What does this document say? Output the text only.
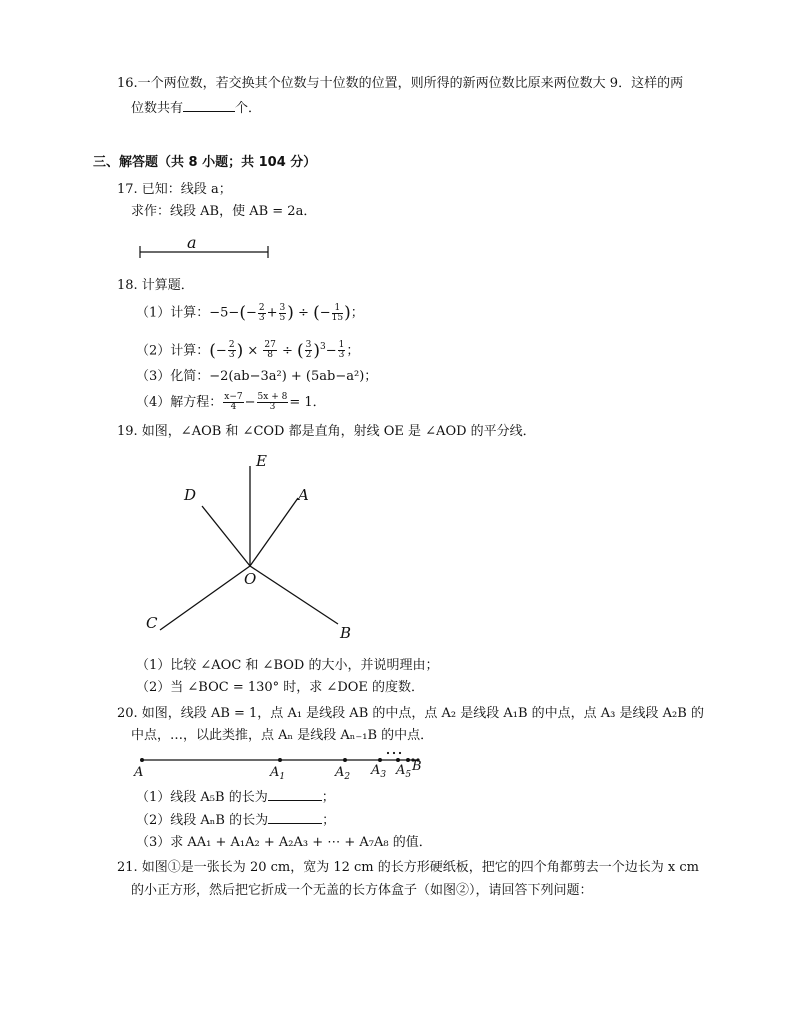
16.一个两位数，若交换其个位数与十位数的位置，则所得的新两位数比原来两位数大 9．这样的两
位数共有	个．
三、解答题（共 8 小题；共 104 分）
17. 已知：线段 a；
求作：线段 AB，使 AB = 2a．
a
18. 计算题．
（1）计算：$-5-(- \frac{2}{3} + \frac{3}{5}$ ) ÷ (− $\frac{1}{15}$ )；
（2）计算：(− $\frac{2}{3}$ ) × $\frac{27}{8}$ ÷ ( $\frac{3}{2} )^3- \frac{1}{3}$ ；
（3）化简：−2(ab−3a²) + (5ab−a²)；
（4）解方程： $\frac{x-7}{4} - \frac{5x + 8}{3} = 1$．
19. 如图，∠AOB 和 ∠COD 都是直角，射线 OE 是 ∠AOD 的平分线．
E
D	A
O
C
B
（1）比较 ∠AOC 和 ∠BOD 的大小，并说明理由；
（2）当 ∠BOC = 130° 时，求 ∠DOE 的度数．
20. 如图，线段 AB = 1，点 A₁ 是线段 AB 的中点，点 A₂ 是线段 A₁B 的中点，点 A₃ 是线段 A₂B 的
中点，…，以此类推，点 Aₙ 是线段 Aₙ₋₁B 的中点．
A	$A_1$	$A_2$ $A_3$ $A_5$
B
（1）线段 A₅B 的长为	；
（2）线段 AₙB 的长为	；
（3）求 AA₁ + A₁A₂ + A₂A₃ + ⋯ + A₇A₈ 的值．
21. 如图①是一张长为 20 cm，宽为 12 cm 的长方形硬纸板，把它的四个角都剪去一个边长为 x cm
的小正方形，然后把它折成一个无盖的长方体盒子（如图②），请回答下列问题：
